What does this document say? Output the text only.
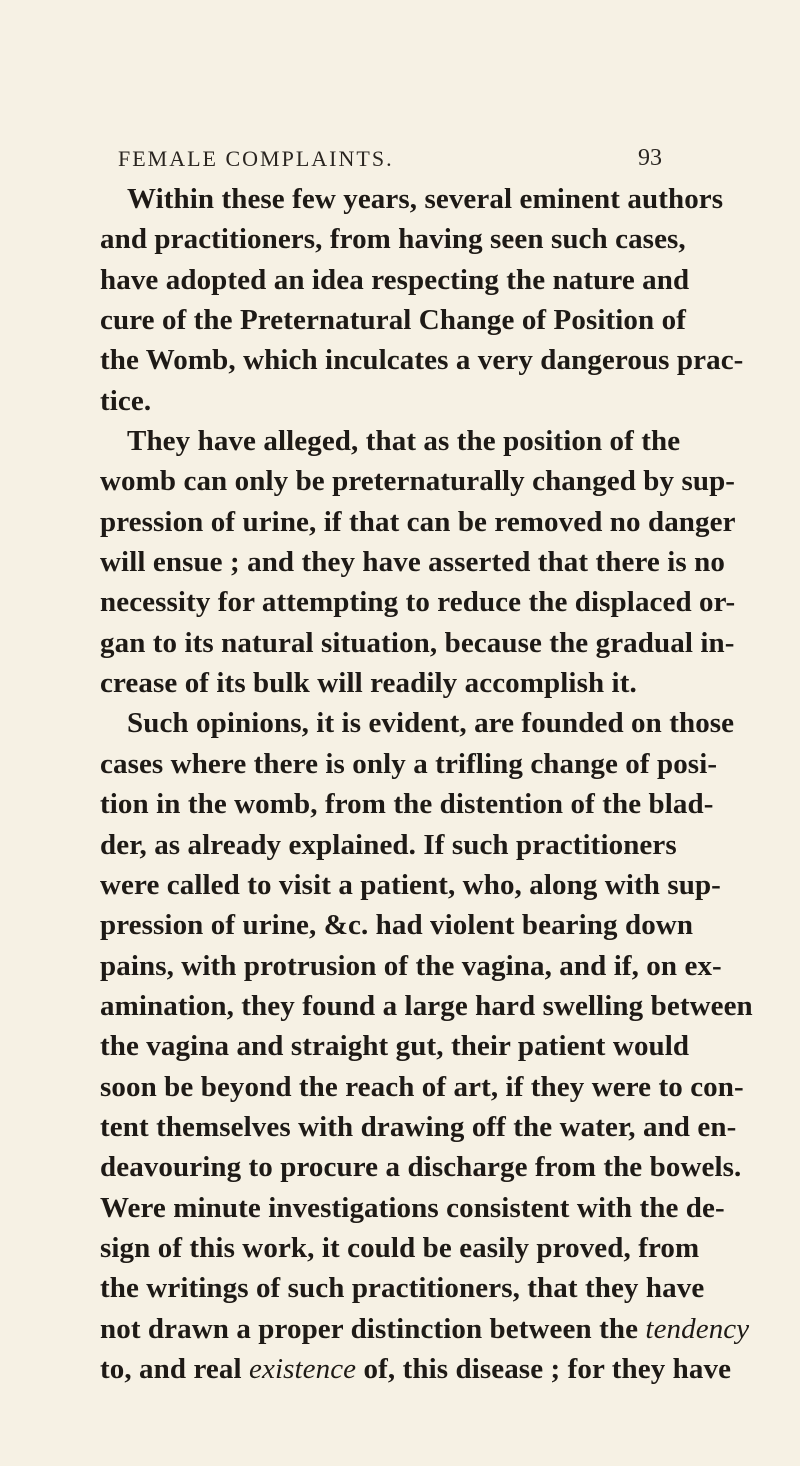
FEMALE COMPLAINTS.	93
Within these few years, several eminent authors
and practitioners, from having seen such cases,
have adopted an idea respecting the nature and
cure of the Preternatural Change of Position of
the Womb, which inculcates a very dangerous prac-
tice.
They have alleged, that as the position of the
womb can only be preternaturally changed by sup-
pression of urine, if that can be removed no danger
will ensue ; and they have asserted that there is no
necessity for attempting to reduce the displaced or-
gan to its natural situation, because the gradual in-
crease of its bulk will readily accomplish it.
Such opinions, it is evident, are founded on those
cases where there is only a trifling change of posi-
tion in the womb, from the distention of the blad-
der, as already explained. If such practitioners
were called to visit a patient, who, along with sup-
pression of urine, &c. had violent bearing down
pains, with protrusion of the vagina, and if, on ex-
amination, they found a large hard swelling between
the vagina and straight gut, their patient would
soon be beyond the reach of art, if they were to con-
tent themselves with drawing off the water, and en-
deavouring to procure a discharge from the bowels.
Were minute investigations consistent with the de-
sign of this work, it could be easily proved, from
the writings of such practitioners, that they have
not drawn a proper distinction between the tendency
to, and real existence of, this disease ; for they have
